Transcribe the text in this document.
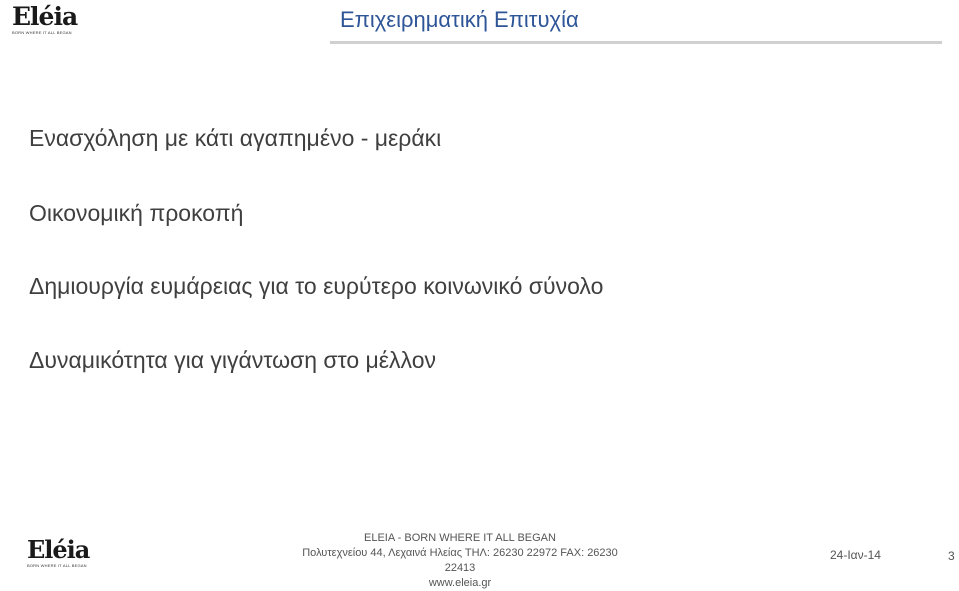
Eléia
BORN WHERE IT ALL BEGAN
Επιχειρηματική Επιτυχία
Ενασχόληση με κάτι αγαπημένο - μεράκι
Οικονομική προκοπή
Δημιουργία ευμάρειας για το ευρύτερο κοινωνικό σύνολο
Δυναμικότητα για γιγάντωση στο μέλλον
Eléia
BORN WHERE IT ALL BEGAN
ELEIA - BORN WHERE IT ALL BEGAN
Πολυτεχνείου 44, Λεχαινά Ηλείας ΤΗΛ: 26230 22972 FAX: 26230 22413
www.eleia.gr
24-Ιαν-14	3
